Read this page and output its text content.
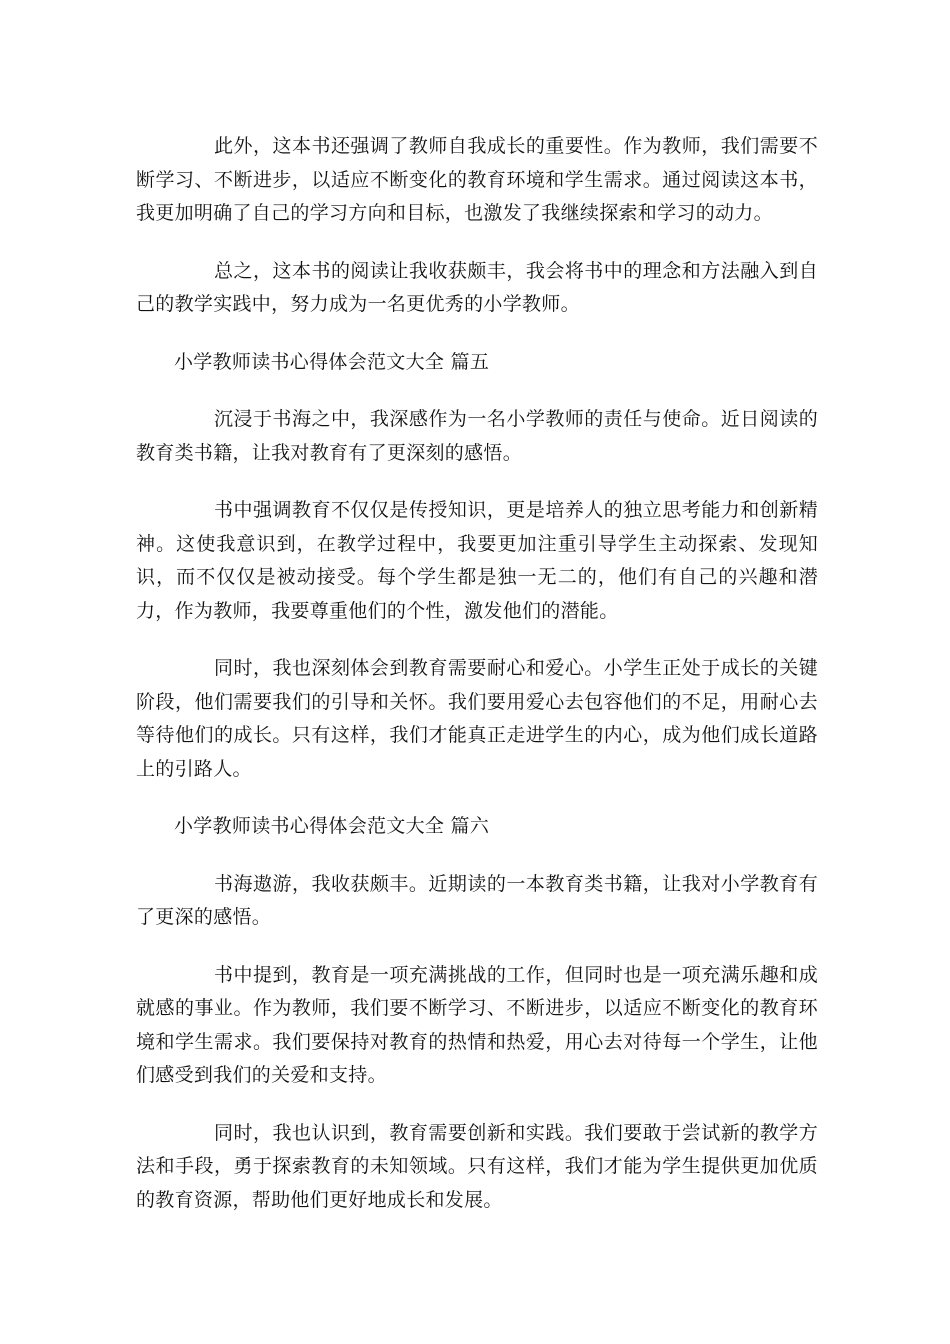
此外，这本书还强调了教师自我成长的重要性。作为教师，我们需要不断学习、不断进步，以适应不断变化的教育环境和学生需求。通过阅读这本书，我更加明确了自己的学习方向和目标，也激发了我继续探索和学习的动力。

总之，这本书的阅读让我收获颇丰，我会将书中的理念和方法融入到自己的教学实践中，努力成为一名更优秀的小学教师。

小学教师读书心得体会范文大全 篇五

沉浸于书海之中，我深感作为一名小学教师的责任与使命。近日阅读的教育类书籍，让我对教育有了更深刻的感悟。

书中强调教育不仅仅是传授知识，更是培养人的独立思考能力和创新精神。这使我意识到，在教学过程中，我要更加注重引导学生主动探索、发现知识，而不仅仅是被动接受。每个学生都是独一无二的，他们有自己的兴趣和潜力，作为教师，我要尊重他们的个性，激发他们的潜能。

同时，我也深刻体会到教育需要耐心和爱心。小学生正处于成长的关键阶段，他们需要我们的引导和关怀。我们要用爱心去包容他们的不足，用耐心去等待他们的成长。只有这样，我们才能真正走进学生的内心，成为他们成长道路上的引路人。

小学教师读书心得体会范文大全 篇六

书海遨游，我收获颇丰。近期读的一本教育类书籍，让我对小学教育有了更深的感悟。

书中提到，教育是一项充满挑战的工作，但同时也是一项充满乐趣和成就感的事业。作为教师，我们要不断学习、不断进步，以适应不断变化的教育环境和学生需求。我们要保持对教育的热情和热爱，用心去对待每一个学生，让他们感受到我们的关爱和支持。

同时，我也认识到，教育需要创新和实践。我们要敢于尝试新的教学方法和手段，勇于探索教育的未知领域。只有这样，我们才能为学生提供更加优质的教育资源，帮助他们更好地成长和发展。
